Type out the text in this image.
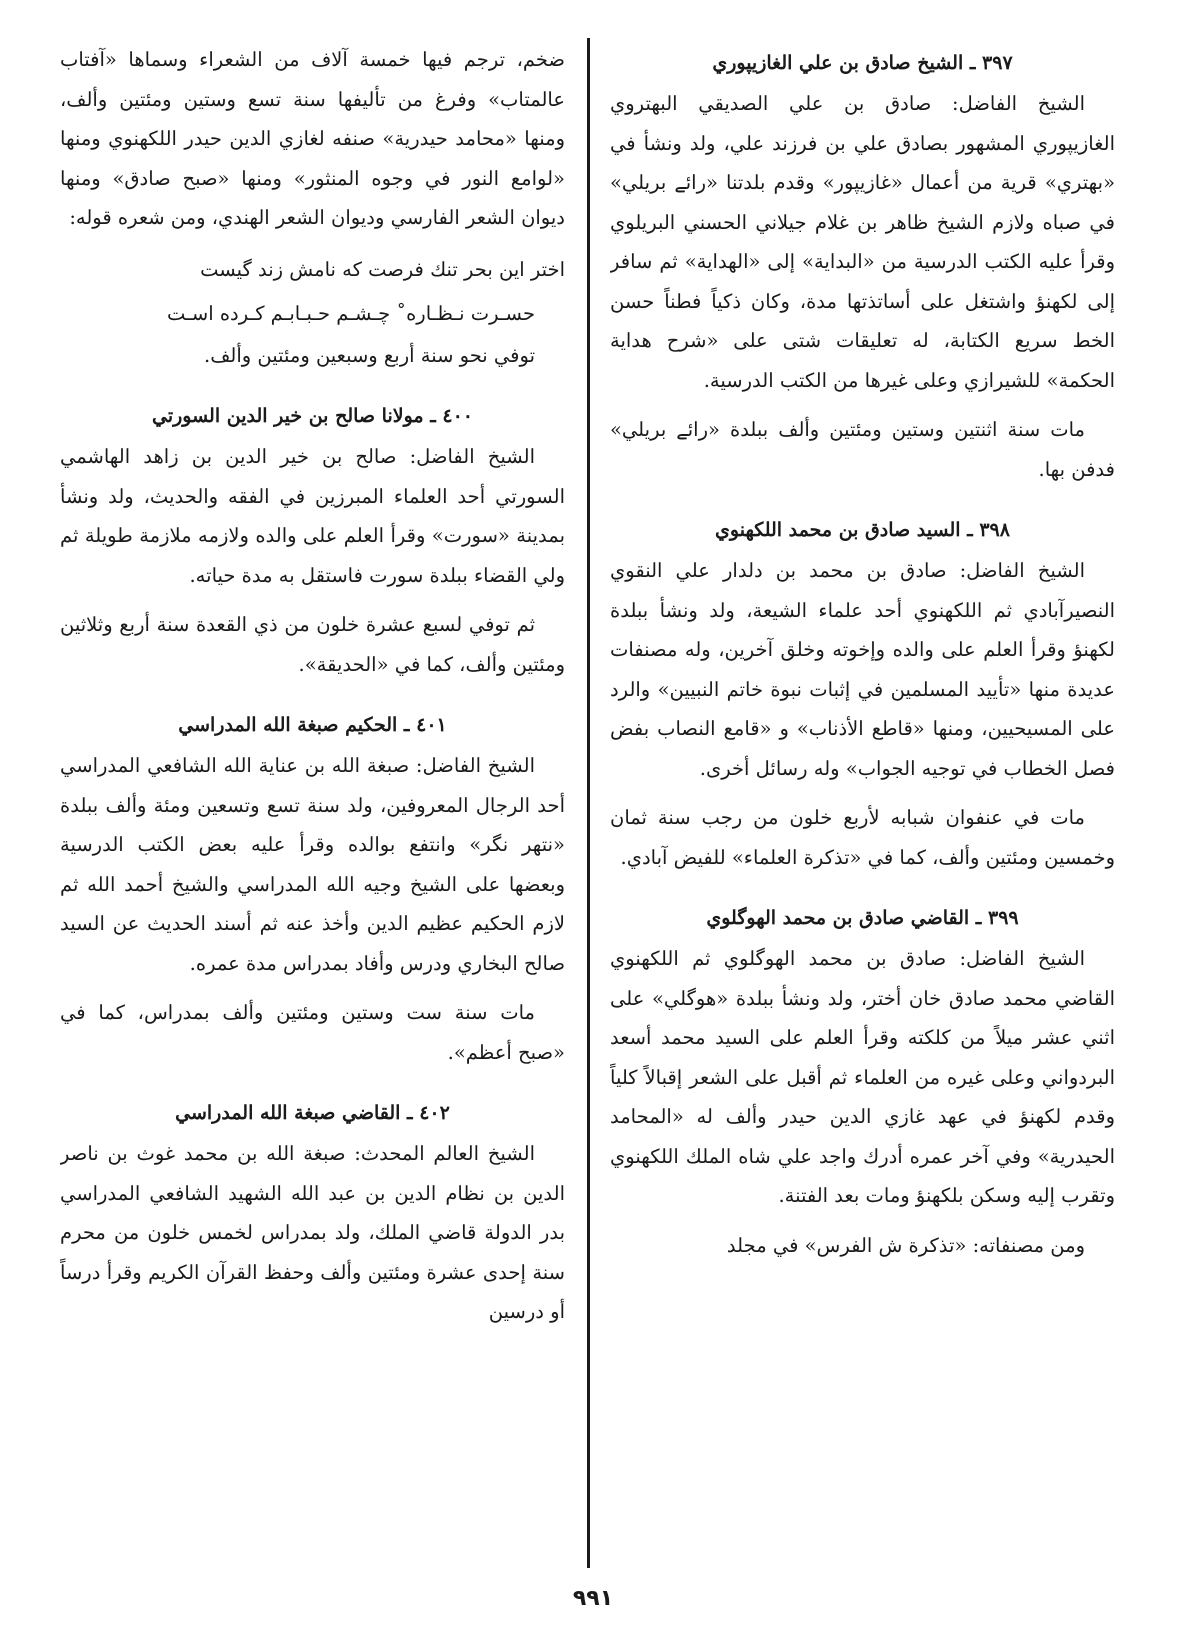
٣٩٧ ـ الشيخ صادق بن علي الغازيپوري

الشيخ الفاضل: صادق بن علي الصديقي البهتروي الغازيپوري المشهور بصادق علي بن فرزند علي، ولد ونشأ في «بهتري» قرية من أعمال «غازيپور» وقدم بلدتنا «رائے بريلي» في صباه ولازم الشيخ ظاهر بن غلام جيلاني الحسني البريلوي وقرأ عليه الكتب الدرسية من «البداية» إلى «الهداية» ثم سافر إلى لكهنؤ واشتغل على أساتذتها مدة، وكان ذكياً فطناً حسن الخط سريع الكتابة، له تعليقات شتى على «شرح هداية الحكمة» للشيرازي وعلى غيرها من الكتب الدرسية.

مات سنة اثنتين وستين ومئتين وألف ببلدة «رائے بريلي» فدفن بها.

٣٩٨ ـ السيد صادق بن محمد اللكهنوي

الشيخ الفاضل: صادق بن محمد بن دلدار علي النقوي النصيرآبادي ثم اللكهنوي أحد علماء الشيعة، ولد ونشأ ببلدة لكهنؤ وقرأ العلم على والده وإخوته وخلق آخرين، وله مصنفات عديدة منها «تأييد المسلمين في إثبات نبوة خاتم النبيين» والرد على المسيحيين، ومنها «قاطع الأذناب» و «قامع النصاب بفض فصل الخطاب في توجيه الجواب» وله رسائل أخرى.

مات في عنفوان شبابه لأربع خلون من رجب سنة ثمان وخمسين ومئتين وألف، كما في «تذكرة العلماء» للفيض آبادي.

٣٩٩ ـ القاضي صادق بن محمد الهوگلوي

الشيخ الفاضل: صادق بن محمد الهوگلوي ثم اللكهنوي القاضي محمد صادق خان أختر، ولد ونشأ ببلدة «هوگلي» على اثني عشر ميلاً من كلكته وقرأ العلم على السيد محمد أسعد البردواني وعلى غيره من العلماء ثم أقبل على الشعر إقبالاً كلياً وقدم لكهنؤ في عهد غازي الدين حيدر وألف له «المحامد الحيدرية» وفي آخر عمره أدرك واجد علي شاه الملك اللكهنوي وتقرب إليه وسكن بلكهنؤ ومات بعد الفتنة.

ومن مصنفاته: «تذكرة ش الفرس» في مجلد

ضخم، ترجم فيها خمسة آلاف من الشعراء وسماها «آفتاب عالمتاب» وفرغ من تأليفها سنة تسع وستين ومئتين وألف، ومنها «محامد حيدرية» صنفه لغازي الدين حيدر اللكهنوي ومنها «لوامع النور في وجوه المنثور» ومنها «صبح صادق» ومنها ديوان الشعر الفارسي وديوان الشعر الهندي، ومن شعره قوله:

اختر اين بحر تنك فرصت كه نامش زند گيست

حسـرت نـظـاره˚ چـشـم حـبـابـم كـرده اسـت

توفي نحو سنة أربع وسبعين ومئتين وألف.

٤٠٠ ـ مولانا صالح بن خير الدين السورتي

الشيخ الفاضل: صالح بن خير الدين بن زاهد الهاشمي السورتي أحد العلماء المبرزين في الفقه والحديث، ولد ونشأ بمدينة «سورت» وقرأ العلم على والده ولازمه ملازمة طويلة ثم ولي القضاء ببلدة سورت فاستقل به مدة حياته.

ثم توفي لسبع عشرة خلون من ذي القعدة سنة أربع وثلاثين ومئتين وألف، كما في «الحديقة».

٤٠١ ـ الحكيم صبغة الله المدراسي

الشيخ الفاضل: صبغة الله بن عناية الله الشافعي المدراسي أحد الرجال المعروفين، ولد سنة تسع وتسعين ومئة وألف ببلدة «نتهر نگر» وانتفع بوالده وقرأ عليه بعض الكتب الدرسية وبعضها على الشيخ وجيه الله المدراسي والشيخ أحمد الله ثم لازم الحكيم عظيم الدين وأخذ عنه ثم أسند الحديث عن السيد صالح البخاري ودرس وأفاد بمدراس مدة عمره.

مات سنة ست وستين ومئتين وألف بمدراس، كما في «صبح أعظم».

٤٠٢ ـ القاضي صبغة الله المدراسي

الشيخ العالم المحدث: صبغة الله بن محمد غوث بن ناصر الدين بن نظام الدين بن عبد الله الشهيد الشافعي المدراسي بدر الدولة قاضي الملك، ولد بمدراس لخمس خلون من محرم سنة إحدى عشرة ومئتين وألف وحفظ القرآن الكريم وقرأ درساً أو درسين

٩٩١
